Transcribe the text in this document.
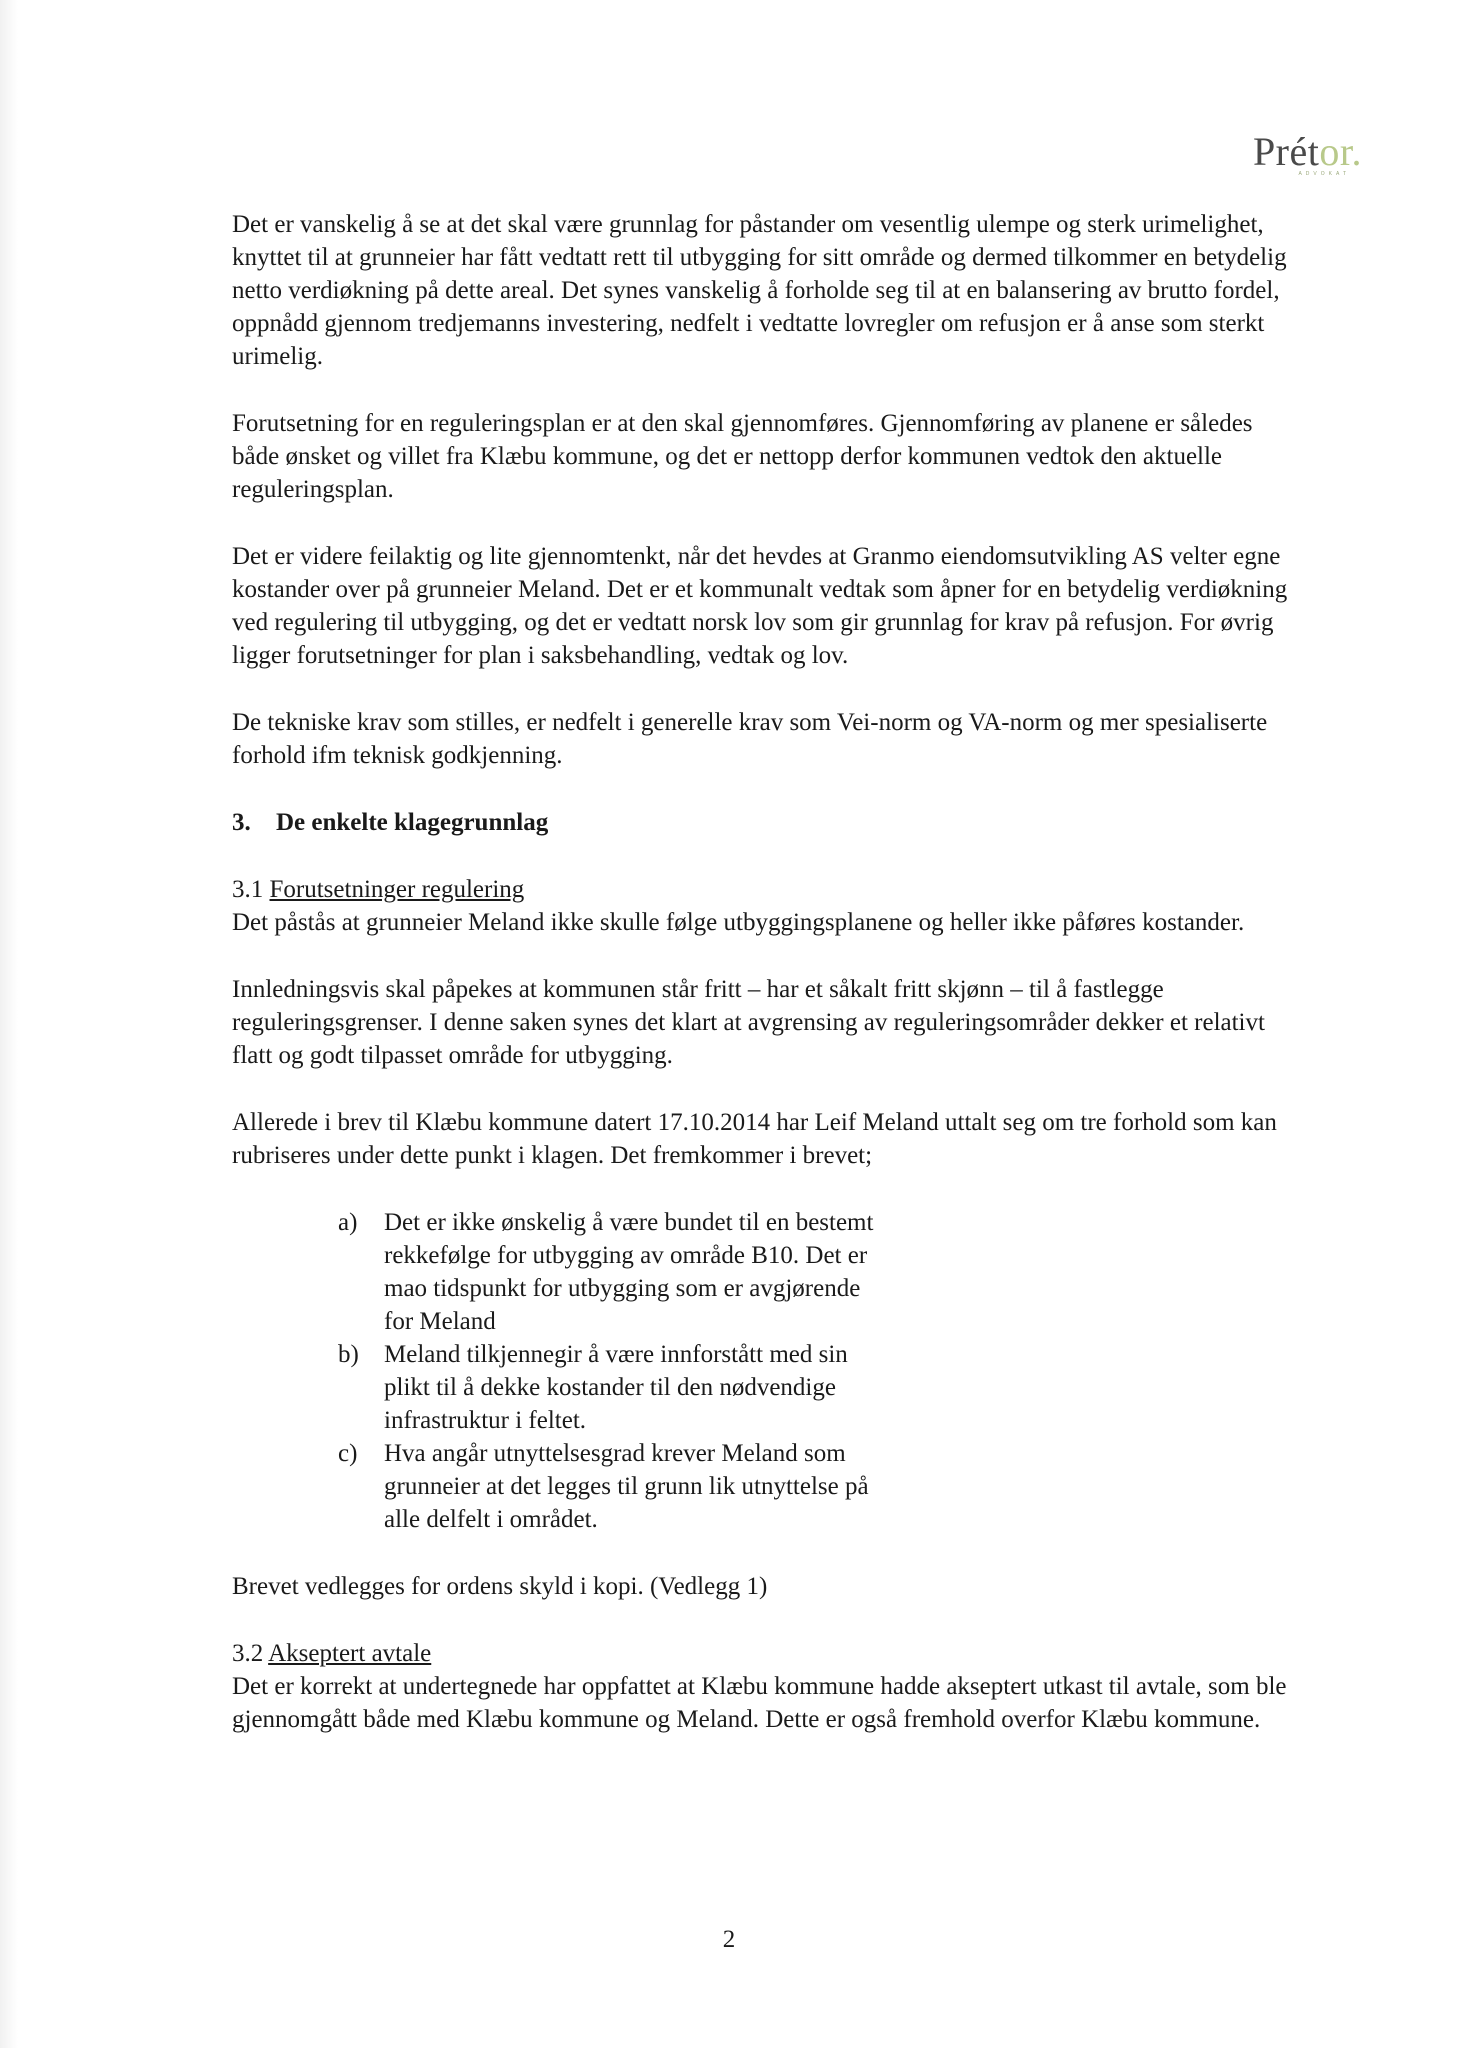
Prétor.
ADVOKAT

Det er vanskelig å se at det skal være grunnlag for påstander om vesentlig ulempe og sterk urimelighet, knyttet til at grunneier har fått vedtatt rett til utbygging for sitt område og dermed tilkommer en betydelig netto verdiøkning på dette areal. Det synes vanskelig å forholde seg til at en balansering av brutto fordel, oppnådd gjennom tredjemanns investering, nedfelt i vedtatte lovregler om refusjon er å anse som sterkt urimelig.

Forutsetning for en reguleringsplan er at den skal gjennomføres. Gjennomføring av planene er således både ønsket og villet fra Klæbu kommune, og det er nettopp derfor kommunen vedtok den aktuelle reguleringsplan.

Det er videre feilaktig og lite gjennomtenkt, når det hevdes at Granmo eiendomsutvikling AS velter egne kostander over på grunneier Meland. Det er et kommunalt vedtak som åpner for en betydelig verdiøkning ved regulering til utbygging, og det er vedtatt norsk lov som gir grunnlag for krav på refusjon. For øvrig ligger forutsetninger for plan i saksbehandling, vedtak og lov.

De tekniske krav som stilles, er nedfelt i generelle krav som Vei-norm og VA-norm og mer spesialiserte forhold ifm teknisk godkjenning.

3. De enkelte klagegrunnlag
3.1 Forutsetninger regulering

Det påstås at grunneier Meland ikke skulle følge utbyggingsplanene og heller ikke påføres kostander.

Innledningsvis skal påpekes at kommunen står fritt – har et såkalt fritt skjønn – til å fastlegge reguleringsgrenser. I denne saken synes det klart at avgrensing av reguleringsområder dekker et relativt flatt og godt tilpasset område for utbygging.

Allerede i brev til Klæbu kommune datert 17.10.2014 har Leif Meland uttalt seg om tre forhold som kan rubriseres under dette punkt i klagen. Det fremkommer i brevet;

a)	Det er ikke ønskelig å være bundet til en bestemt rekkefølge for utbygging av område B10. Det er mao tidspunkt for utbygging som er avgjørende for Meland
b)	Meland tilkjennegir å være innforstått med sin plikt til å dekke kostander til den nødvendige infrastruktur i feltet.
c)	Hva angår utnyttelsesgrad krever Meland som grunneier at det legges til grunn lik utnyttelse på alle delfelt i området.

Brevet vedlegges for ordens skyld i kopi. (Vedlegg 1)

3.2 Akseptert avtale

Det er korrekt at undertegnede har oppfattet at Klæbu kommune hadde akseptert utkast til avtale, som ble gjennomgått både med Klæbu kommune og Meland. Dette er også fremhold overfor Klæbu kommune.

2
